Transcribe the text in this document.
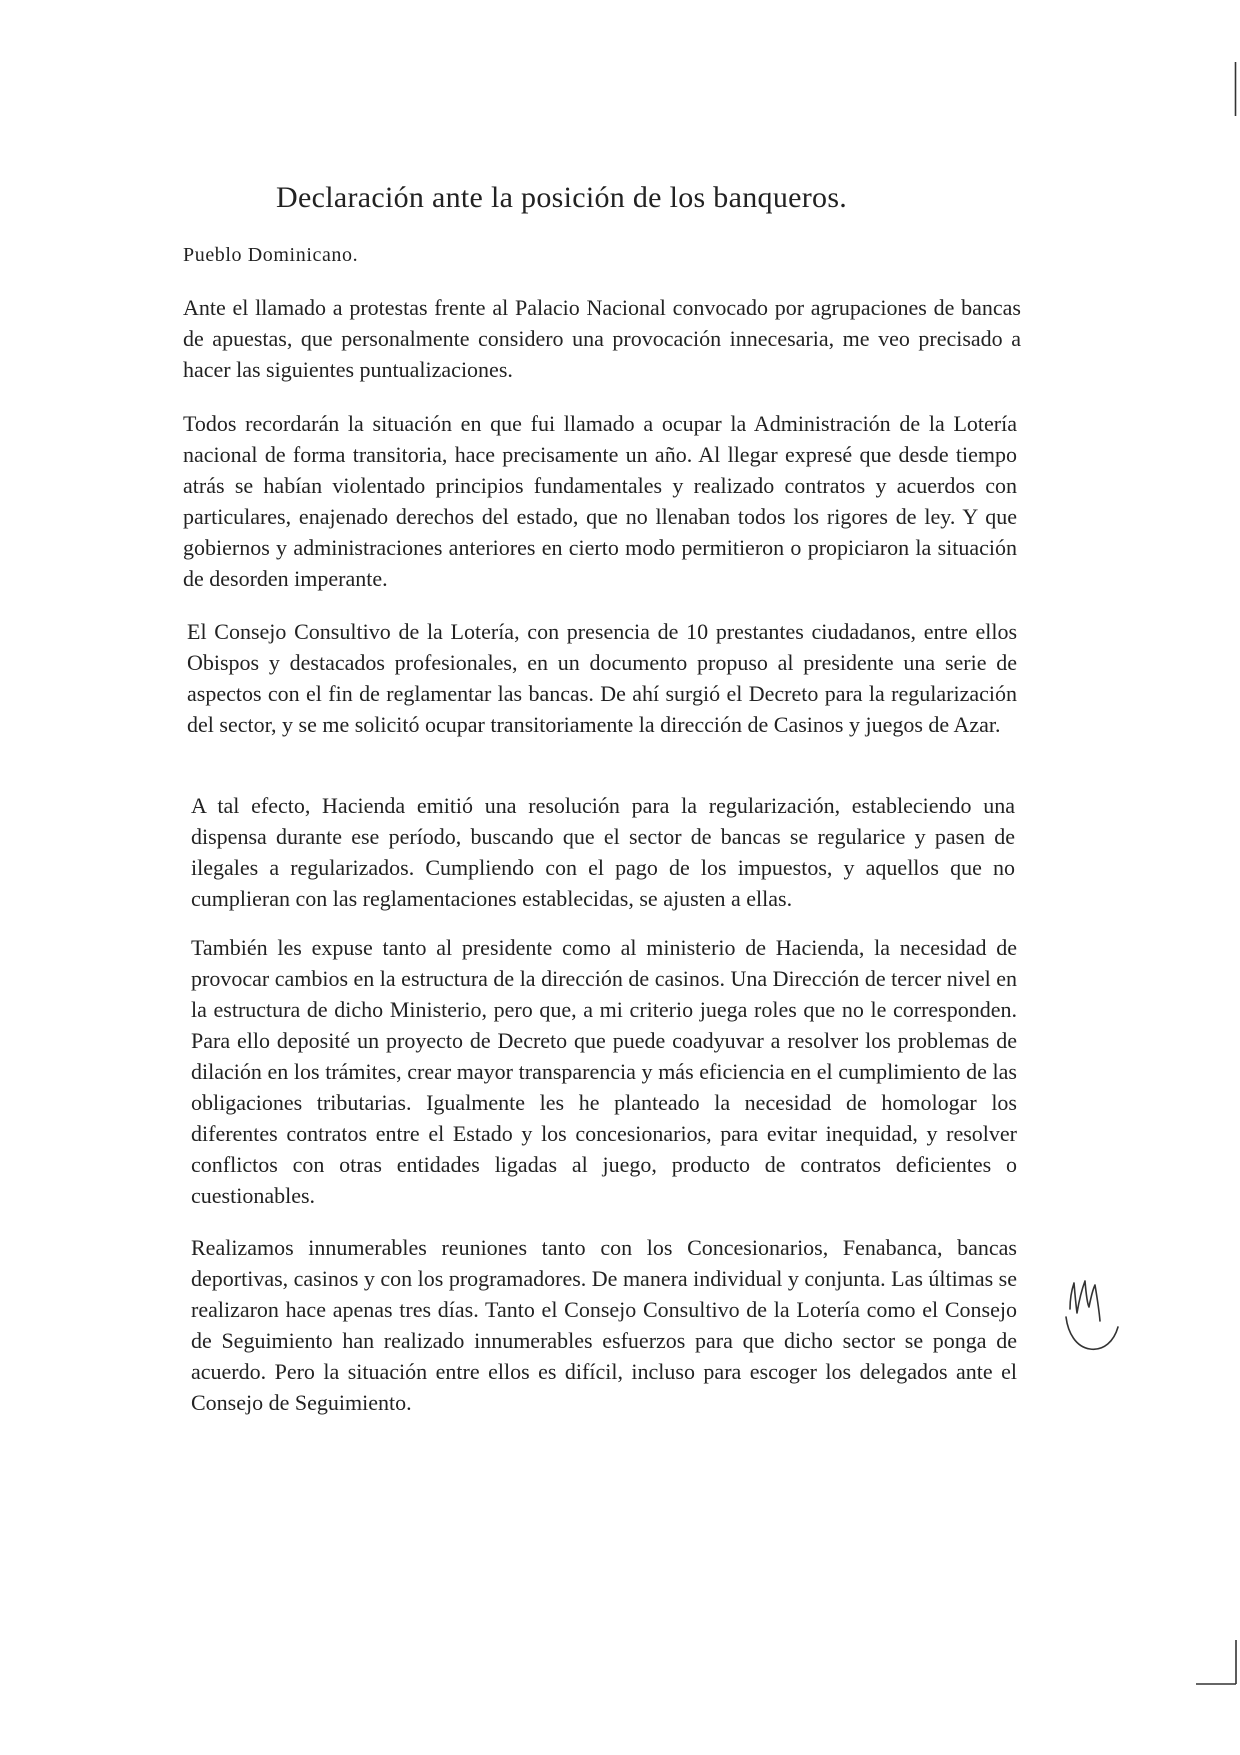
Declaración ante la posición de los banqueros.

Pueblo Dominicano.

Ante el llamado a protestas frente al Palacio Nacional convocado por agrupaciones de bancas de apuestas, que personalmente considero una provocación innecesaria, me veo precisado a hacer las siguientes puntualizaciones.

Todos recordarán la situación en que fui llamado a ocupar la Administración de la Lotería nacional de forma transitoria, hace precisamente un año. Al llegar expresé que desde tiempo atrás se habían violentado principios fundamentales y realizado contratos y acuerdos con particulares, enajenado derechos del estado, que no llenaban todos los rigores de ley. Y que gobiernos y administraciones anteriores en cierto modo permitieron o propiciaron la situación de desorden imperante.

El Consejo Consultivo de la Lotería, con presencia de 10 prestantes ciudadanos, entre ellos Obispos y destacados profesionales, en un documento propuso al presidente una serie de aspectos con el fin de reglamentar las bancas. De ahí surgió el Decreto para la regularización del sector, y se me solicitó ocupar transitoriamente la dirección de Casinos y juegos de Azar.

A tal efecto, Hacienda emitió una resolución para la regularización, estableciendo una dispensa durante ese período, buscando que el sector de bancas se regularice y pasen de ilegales a regularizados. Cumpliendo con el pago de los impuestos, y aquellos que no cumplieran con las reglamentaciones establecidas, se ajusten a ellas.

También les expuse tanto al presidente como al ministerio de Hacienda, la necesidad de provocar cambios en la estructura de la dirección de casinos. Una Dirección de tercer nivel en la estructura de dicho Ministerio, pero que, a mi criterio juega roles que no le corresponden. Para ello deposité un proyecto de Decreto que puede coadyuvar a resolver los problemas de dilación en los trámites, crear mayor transparencia y más eficiencia en el cumplimiento de las obligaciones tributarias. Igualmente les he planteado la necesidad de homologar los diferentes contratos entre el Estado y los concesionarios, para evitar inequidad, y resolver conflictos con otras entidades ligadas al juego, producto de contratos deficientes o cuestionables.

Realizamos innumerables reuniones tanto con los Concesionarios, Fenabanca, bancas deportivas, casinos y con los programadores. De manera individual y conjunta. Las últimas se realizaron hace apenas tres días. Tanto el Consejo Consultivo de la Lotería como el Consejo de Seguimiento han realizado innumerables esfuerzos para que dicho sector se ponga de acuerdo. Pero la situación entre ellos es difícil, incluso para escoger los delegados ante el Consejo de Seguimiento.
